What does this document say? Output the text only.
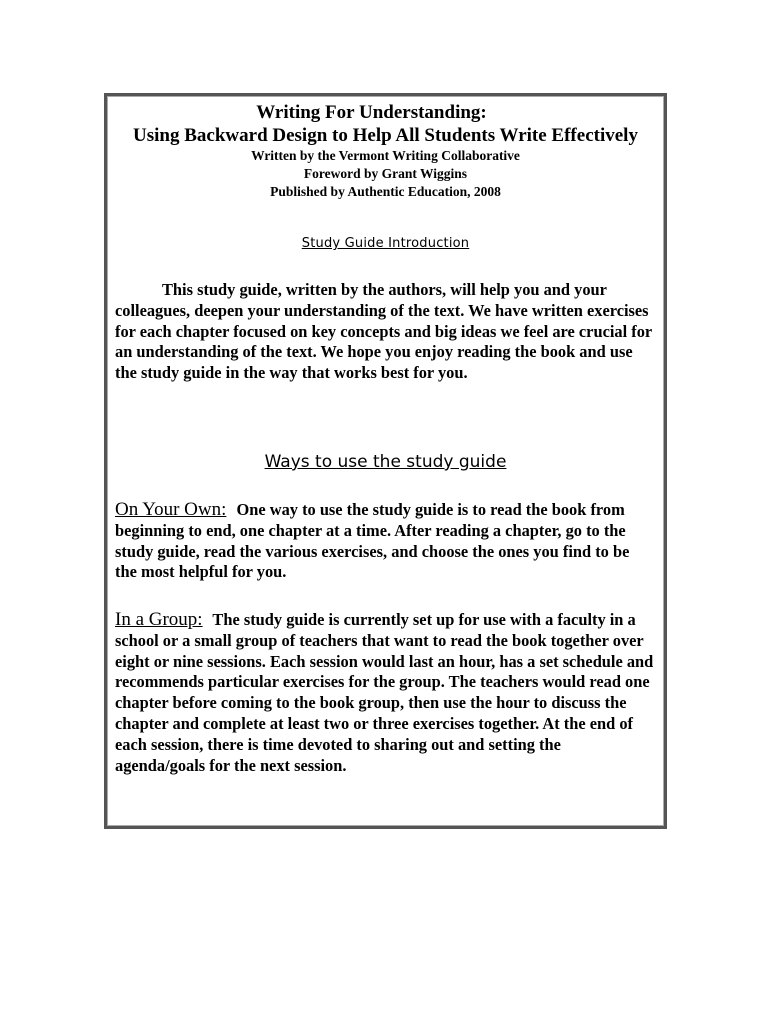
Writing For Understanding:
Using Backward Design to Help All Students Write Effectively
Written by the Vermont Writing Collaborative
Foreword by Grant Wiggins
Published by Authentic Education, 2008
Study Guide Introduction
This study guide, written by the authors, will help you and your colleagues, deepen your understanding of the text. We have written exercises for each chapter focused on key concepts and big ideas we feel are crucial for an understanding of the text. We hope you enjoy reading the book and use the study guide in the way that works best for you.
Ways to use the study guide
On Your Own: One way to use the study guide is to read the book from beginning to end, one chapter at a time. After reading a chapter, go to the study guide, read the various exercises, and choose the ones you find to be the most helpful for you.
In a Group: The study guide is currently set up for use with a faculty in a school or a small group of teachers that want to read the book together over eight or nine sessions. Each session would last an hour, has a set schedule and recommends particular exercises for the group. The teachers would read one chapter before coming to the book group, then use the hour to discuss the chapter and complete at least two or three exercises together. At the end of each session, there is time devoted to sharing out and setting the agenda/goals for the next session.
